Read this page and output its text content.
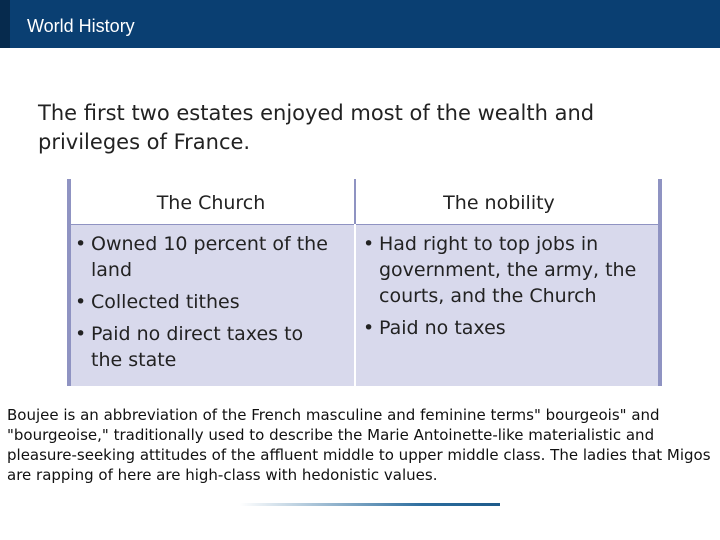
World History
The first two estates enjoyed most of the wealth and privileges of France.
The Church	The nobility
• Owned 10 percent of the land
• Collected tithes
• Paid no direct taxes to the state
• Had right to top jobs in government, the army, the courts, and the Church
• Paid no taxes
Boujee is an abbreviation of the French masculine and feminine terms" bourgeois" and "bourgeoise," traditionally used to describe the Marie Antoinette-like materialistic and pleasure-seeking attitudes of the affluent middle to upper middle class. The ladies that Migos are rapping of here are high-class with hedonistic values.
